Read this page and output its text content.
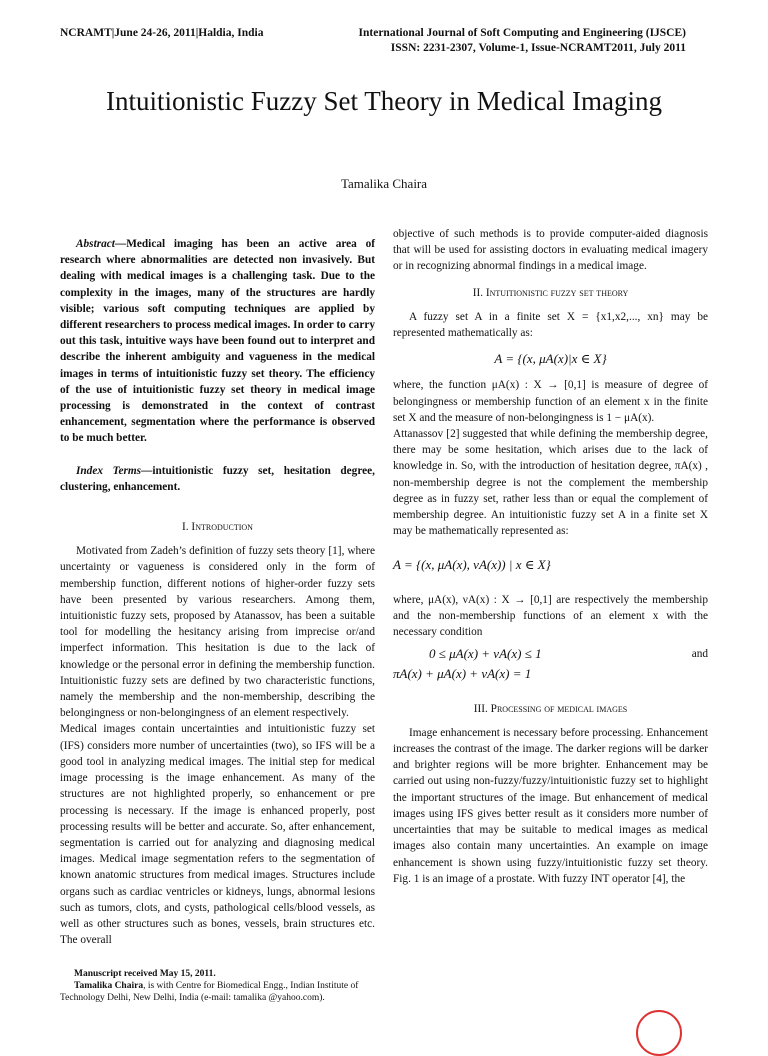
NCRAMT|June 24-26, 2011|Haldia, India	International Journal of Soft Computing and Engineering (IJSCE)
ISSN: 2231-2307, Volume-1, Issue-NCRAMT2011, July 2011
Intuitionistic Fuzzy Set Theory in Medical Imaging
Tamalika Chaira

Abstract—Medical imaging has been an active area of research where abnormalities are detected non invasively. But dealing with medical images is a challenging task. Due to the complexity in the images, many of the structures are hardly visible; various soft computing techniques are applied by different researchers to process medical images. In order to carry out this task, intuitive ways have been found out to interpret and describe the inherent ambiguity and vagueness in the medical images in terms of intuitionistic fuzzy set theory. The efficiency of the use of intuitionistic fuzzy set theory in medical image processing is demonstrated in the context of contrast enhancement, segmentation where the performance is observed to be much better.

Index Terms—intuitionistic fuzzy set, hesitation degree, clustering, enhancement.

I. Introduction

Motivated from Zadeh’s definition of fuzzy sets theory [1], where uncertainty or vagueness is considered only in the form of membership function, different notions of higher-order fuzzy sets have been presented by various researchers. Among them, intuitionistic fuzzy sets, proposed by Atanassov, has been a suitable tool for modelling the hesitancy arising from imprecise or/and imperfect information. This hesitation is due to the lack of knowledge or the personal error in defining the membership function. Intuitionistic fuzzy sets are defined by two characteristic functions, namely the membership and the non-membership, describing the belongingness or non-belongingness of an element respectively.

Medical images contain uncertainties and intuitionistic fuzzy set (IFS) considers more number of uncertainties (two), so IFS will be a good tool in analyzing medical images. The initial step for medical image processing is the image enhancement. As many of the structures are not highlighted properly, so enhancement or pre processing is necessary. If the image is enhanced properly, post processing results will be better and accurate. So, after enhancement, segmentation is carried out for analyzing and diagnosing medical images. Medical image segmentation refers to the segmentation of known anatomic structures from medical images. Structures include organs such as cardiac ventricles or kidneys, lungs, abnormal lesions such as tumors, clots, and cysts, pathological cells/blood vessels, as well as other structures such as bones, vessels, brain structures etc. The overall

Manuscript received May 15, 2011.
Tamalika Chaira, is with Centre for Biomedical Engg., Indian Institute of Technology Delhi, New Delhi, India (e-mail: tamalika @yahoo.com).

objective of such methods is to provide computer-aided diagnosis that will be used for assisting doctors in evaluating medical imagery or in recognizing abnormal findings in a medical image.

II. Intuitionistic fuzzy set theory

A fuzzy set A in a finite set X = {x1,x2,..., xn} may be represented mathematically as:

A = {(x, μA(x)|x ∈ X}

where, the function μA(x) : X → [0,1] is measure of degree of belongingness or membership function of an element x in the finite set X and the measure of non-belongingness is 1 − μA(x).

Attanassov [2] suggested that while defining the membership degree, there may be some hesitation, which arises due to the lack of knowledge in. So, with the introduction of hesitation degree, πA(x) , non-membership degree is not the complement the membership degree as in fuzzy set, rather less than or equal the complement of membership degree. An intuitionistic fuzzy set A in a finite set X may be mathematically represented as:

A = {(x, μA(x), νA(x)) | x ∈ X}

where, μA(x), νA(x) : X → [0,1] are respectively the membership and the non-membership functions of an element x with the necessary condition

0 ≤ μA(x) + νA(x) ≤ 1	and

πA(x) + μA(x) + νA(x) = 1

III. Processing of medical images

Image enhancement is necessary before processing. Enhancement increases the contrast of the image. The darker regions will be darker and brighter regions will be more brighter. Enhancement may be carried out using non-fuzzy/fuzzy/intuitionistic fuzzy set to highlight the important structures of the image. But enhancement of medical images using IFS gives better result as it considers more number of uncertainties that may be suitable to medical images as medical images also contain many uncertainties. An example on image enhancement is shown using fuzzy/intuitionistic fuzzy set theory. Fig. 1 is an image of a prostate. With fuzzy INT operator [4], the
